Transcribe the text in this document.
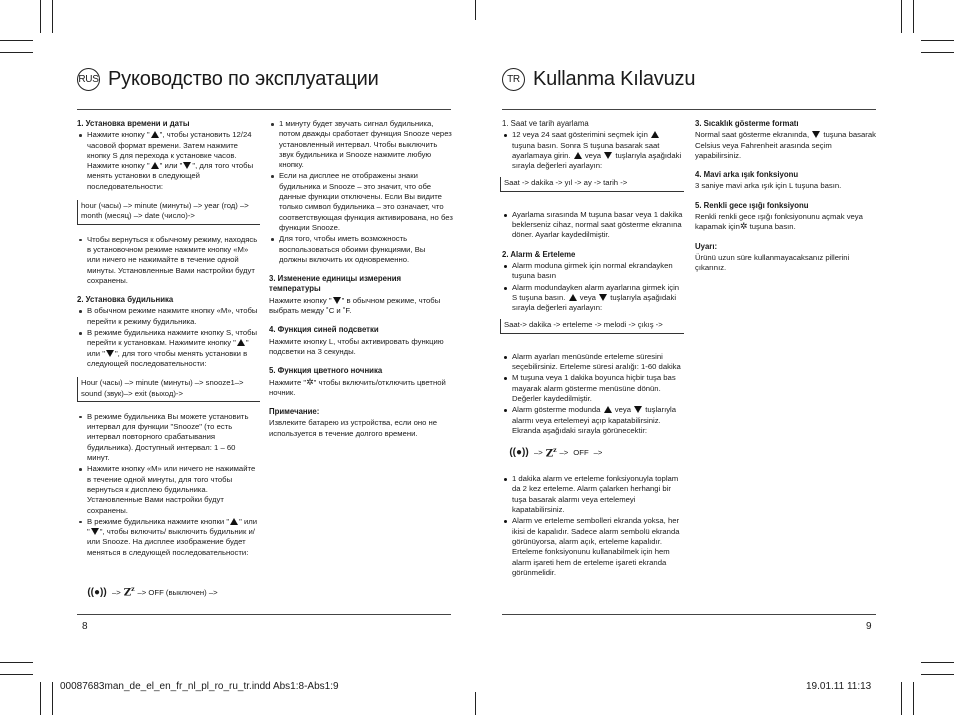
RUS Руководство по эксплуатации	TR Kullanma Kılavuzu
1. Установка времени и даты
Нажмите кнопку " ", чтобы установить 12/24 часовой формат времени. Затем нажмите кнопку S для перехода к установке часов. Нажмите кнопку " " или " ", для того чтобы менять установки в следующей последовательности:
hour (часы) –> minute (минуты) –> year (год) –> month (месяц) –> date (число)->
Чтобы вернуться к обычному режиму, находясь в установочном режиме нажмите кнопку «M» или ничего не нажимайте в течение одной минуты. Установленные Вами настройки будут сохранены.
2. Установка будильника
В обычном режиме нажмите кнопку «M», чтобы перейти к режиму будильника.
В режиме будильника нажмите кнопку S, чтобы перейти к установкам. Нажимите кнопку " " или " ", для того чтобы менять установки в следующей последовательности:
Hour (часы) –> minute (минуты) –> snooze1–> sound (звук)–> exit (выход)->
В режиме будильника Вы можете установить интервал для функции "Snooze" (то есть интервал повторного срабатывания будильника). Доступный интервал: 1 – 60 минут.
Нажмите кнопку «M» или ничего не нажимайте в течение одной минуты, для того чтобы вернуться к дисплею будильника. Установленные Вами настройки будут сохранены.
В режиме будильника нажмите кнопки " " или " ", чтобы включить/ выключить будильник и/или Snooze. На дисплее изображение будет меняться в следующей последовательности:
((●)) –> $Z^z$ –> OFF (выключен) –>
1 минуту будет звучать сигнал будильника, потом дважды сработает функция Snooze через установленный интервал. Чтобы выключить звук будильника и Snooze нажмите любую кнопку.
Если на дисплее не отображены знаки будильника и Snooze – это значит, что обе данные функции отключены. Если Вы видите только символ будильника – это означает, что соответствующая функция активирована, но без функции Snooze.
Для того, чтобы иметь возможность воспользоваться обоими функциями, Вы должны включить их одновременно.
3. Изменение единицы измерения температуры

Нажмите кнопку " " в обычном режиме, чтобы выбрать между ˚C и ˚F.

4. Функция синей подсветки

Нажмите кнопку L, чтобы активировать функцию подсветки на 3 секунды.

5. Функция цветного ночника

Нажмите "✲" чтобы включить/отключить цветной ночник.

Примечание:

Извлеките батарею из устройства, если оно не используется в течение долгого времени.

8
1. Saat ve tarih ayarlama
12 veya 24 saat gösterimini seçmek için  tuşuna basın. Sonra S tuşuna basarak saat ayarlamaya girin. veya tuşlarıyla aşağıdaki sırayla değerleri ayarlayın:
Saat -> dakika -> yıl -> ay -> tarih ->
Ayarlama sırasında M tuşuna basar veya 1 dakika beklerseniz cihaz, normal saat gösterme ekranına döner. Ayarlar kaydedilmiştir.
2. Alarm & Erteleme
Alarm moduna girmek için normal ekrandayken tuşuna basın
Alarm modundayken alarm ayarlarına girmek için S tuşuna basın. veya tuşlarıyla aşağıdaki sırayla değerleri ayarlayın:
Saat-> dakika -> erteleme -> melodi -> çıkış ->
Alarm ayarları menüsünde erteleme süresini seçebilirsiniz. Erteleme süresi aralığı: 1-60 dakika
M tuşuna veya 1 dakika boyunca hiçbir tuşa bas mayarak alarm gösterme menüsüne dönün. Değerler kaydedilmiştir.
Alarm gösterme modunda veya tuşlarıyla alarmı veya ertelemeyi açıp kapatabilirsiniz. Ekranda aşağıdaki sırayla görünecektir:
((●)) –> $Z^z$ –> OFF –>
1 dakika alarm ve erteleme fonksiyonuyla toplam da 2 kez erteleme. Alarm çalarken herhangi bir tuşa basarak alarmı veya ertelemeyi kapatabilirsiniz.
Alarm ve erteleme sembolleri ekranda yoksa, her ikisi de kapalıdır. Sadece alarm sembolü ekranda görünüyorsa, alarm açık, erteleme kapalıdır. Erteleme fonksiyonunu kullanabilmek için hem alarm işareti hem de erteleme işareti ekranda görünmelidir.
3. Sıcaklık gösterme formatı

Normal saat gösterme ekranında, tuşuna basarak Celsius veya Fahrenheit arasında seçim yapabilirsiniz.

4. Mavi arka ışık fonksiyonu

3 saniye mavi arka ışık için L tuşuna basın.

5. Renkli gece ışığı fonksiyonu

Renkli renkli gece ışığı fonksiyonunu açmak veya kapamak için✲ tuşuna basın.

Uyarı:

Ürünü uzun süre kullanmayacaksanız pillerini çıkarınız.

9
00087683man_de_el_en_fr_nl_pl_ro_ru_tr.indd Abs1:8-Abs1:9	19.01.11 11:13
